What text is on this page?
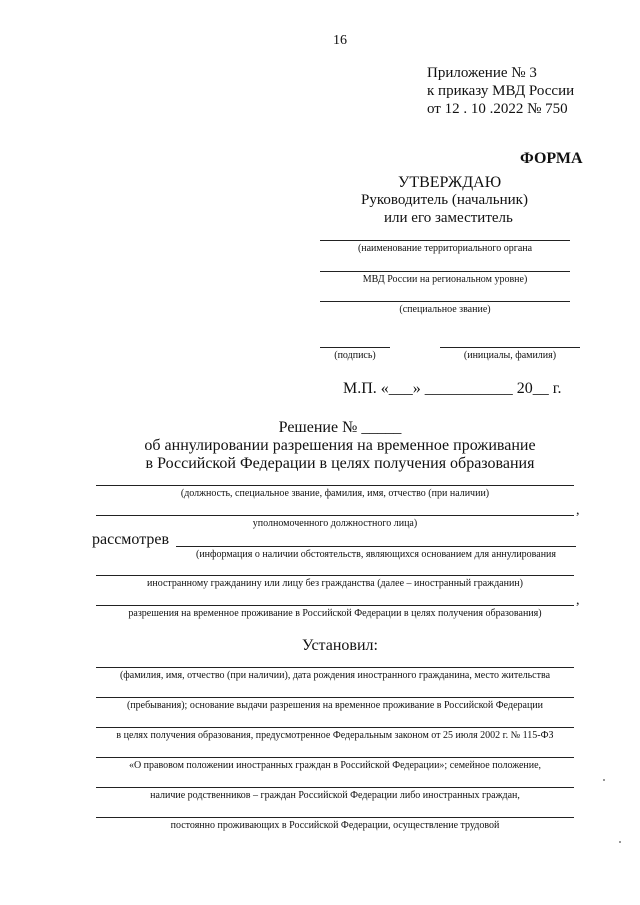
16
Приложение № 3
к приказу МВД России
от 12 . 10 .2022 № 750
ФОРМА
УТВЕРЖДАЮ
Руководитель (начальник)
или его заместитель
(наименование территориального органа
МВД России на региональном уровне)
(специальное звание)
(подпись)	(инициалы, фамилия)
М.П. «___» ___________ 20__ г.
Решение № _____
об аннулировании разрешения на временное проживание
в Российской Федерации в целях получения образования
(должность, специальное звание, фамилия, имя, отчество (при наличии)
,
уполномоченного должностного лица)
рассмотрев
(информация о наличии обстоятельств, являющихся основанием для аннулирования
иностранному гражданину или лицу без гражданства (далее – иностранный гражданин)
,
разрешения на временное проживание в Российской Федерации в целях получения образования)
Установил:
(фамилия, имя, отчество (при наличии), дата рождения иностранного гражданина, место жительства
(пребывания); основание выдачи разрешения на временное проживание в Российской Федерации
в целях получения образования, предусмотренное Федеральным законом от 25 июля 2002 г. № 115-ФЗ
«О правовом положении иностранных граждан в Российской Федерации»; семейное положение,
наличие родственников – граждан Российской Федерации либо иностранных граждан,
постоянно проживающих в Российской Федерации, осуществление трудовой
